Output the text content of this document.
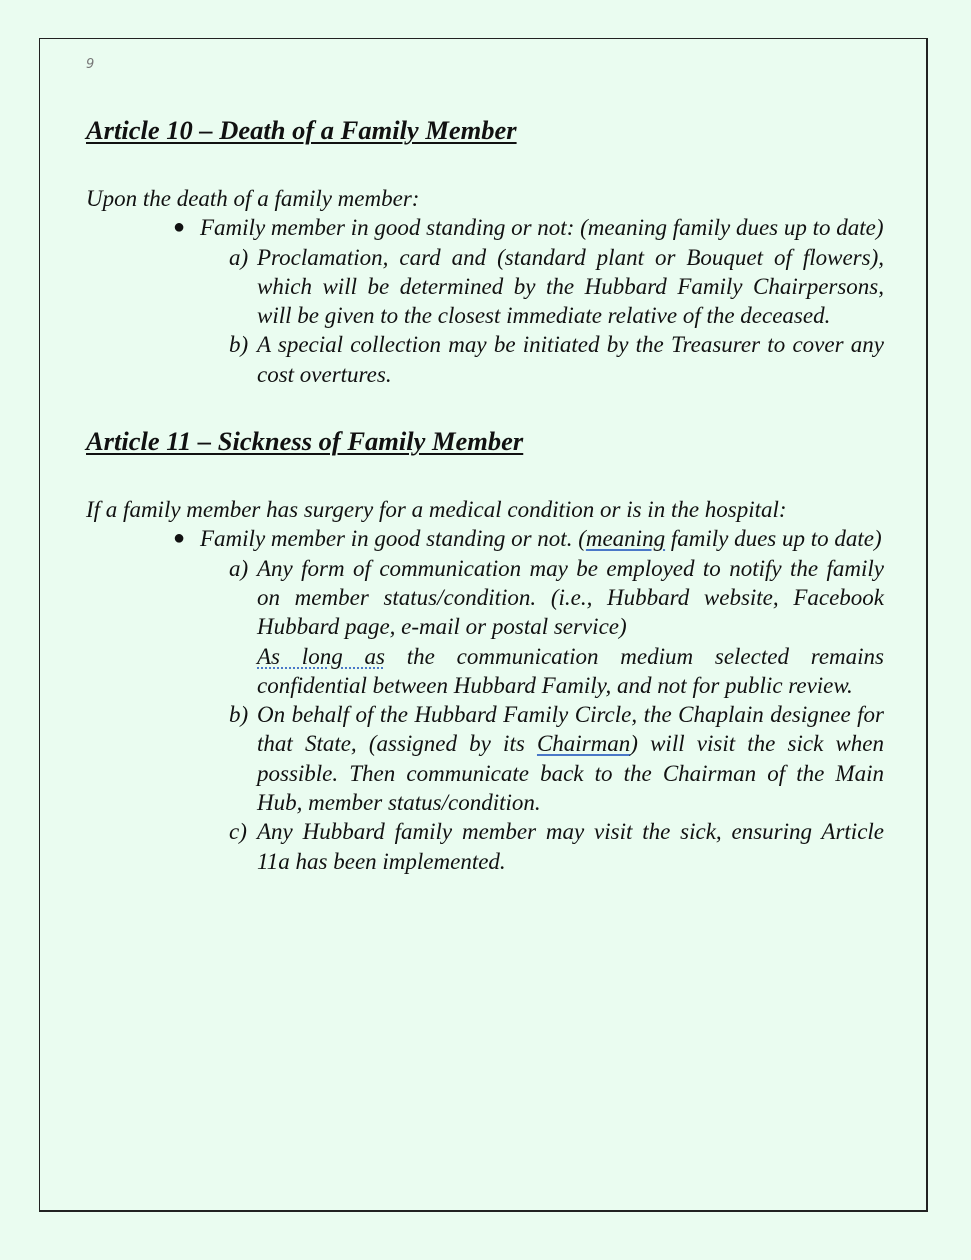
9
Article 10 – Death of a Family Member

Upon the death of a family member:

● Family member in good standing or not: (meaning family dues up to date)
a) Proclamation, card and (standard plant or Bouquet of flowers), which will be determined by the Hubbard Family Chairpersons, will be given to the closest immediate relative of the deceased.
b) A special collection may be initiated by the Treasurer to cover any cost overtures.
Article 11 – Sickness of Family Member

If a family member has surgery for a medical condition or is in the hospital:

● Family member in good standing or not. (meaning family dues up to date)
a) Any form of communication may be employed to notify the family on member status/condition. (i.e., Hubbard website, Facebook Hubbard page, e-mail or postal service)
As long as the communication medium selected remains confidential between Hubbard Family, and not for public review.
b) On behalf of the Hubbard Family Circle, the Chaplain designee for that State, (assigned by its Chairman) will visit the sick when possible. Then communicate back to the Chairman of the Main Hub, member status/condition.
c) Any Hubbard family member may visit the sick, ensuring Article 11a has been implemented.
